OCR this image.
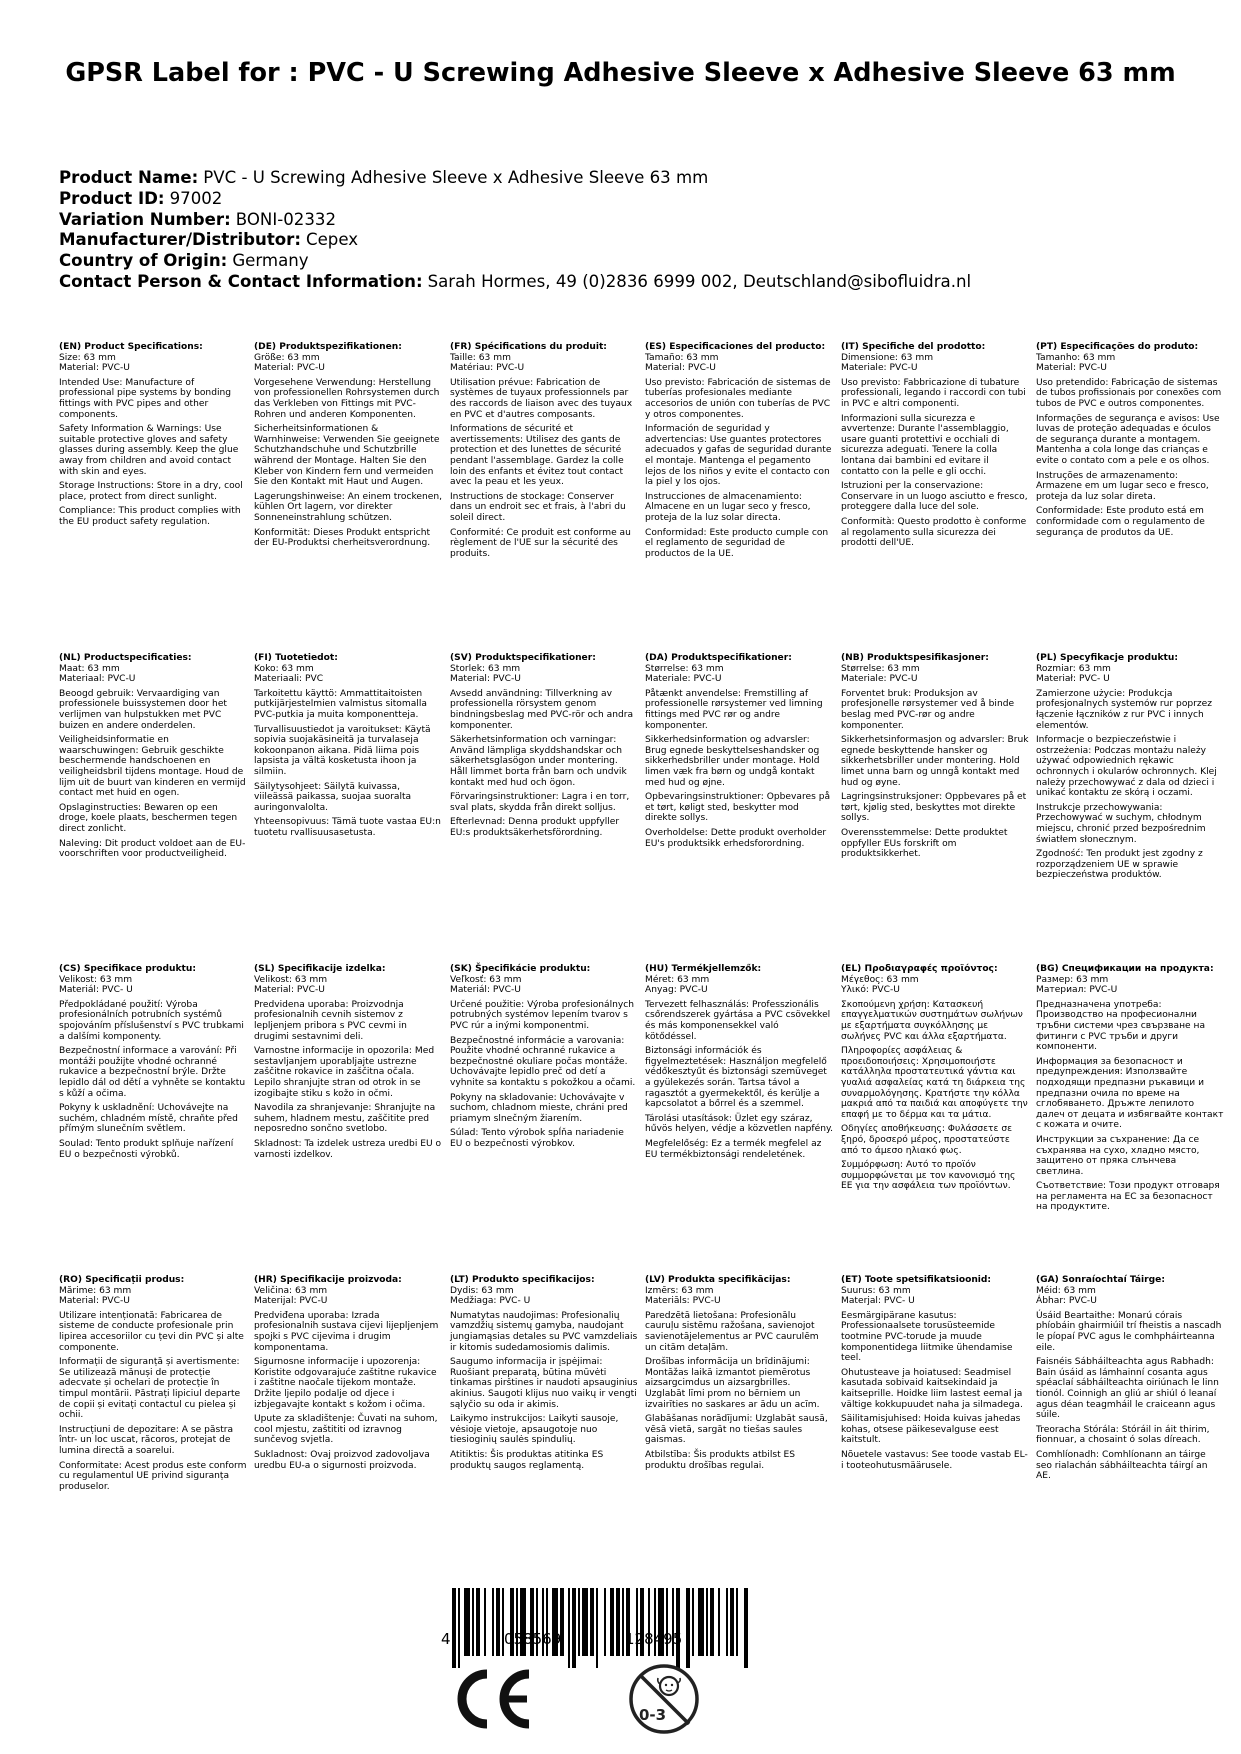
GPSR Label for : PVC - U Screwing Adhesive Sleeve x Adhesive Sleeve 63 mm
Product Name: PVC - U Screwing Adhesive Sleeve x Adhesive Sleeve 63 mm
Product ID: 97002
Variation Number: BONI-02332
Manufacturer/Distributor: Cepex
Country of Origin: Germany
Contact Person & Contact Information: Sarah Hormes, 49 (0)2836 6999 002, Deutschland@sibofluidra.nl
(EN) Product Specifications:
Size: 63 mm
Material: PVC-U
Intended Use: Manufacture of professional pipe systems by bonding fittings with PVC pipes and other components.
Safety Information & Warnings: Use suitable protective gloves and safety glasses during assembly. Keep the glue away from children and avoid contact with skin and eyes.
Storage Instructions: Store in a dry, cool place, protect from direct sunlight.
Compliance: This product complies with the EU product safety regulation.
(DE) Produktspezifikationen:
Größe: 63 mm
Material: PVC-U
Vorgesehene Verwendung: Herstellung von professionellen Rohrsystemen durch das Verkleben von Fittings mit PVC-Rohren und anderen Komponenten.
Sicherheitsinformationen & Warnhinweise: Verwenden Sie geeignete Schutzhandschuhe und Schutzbrille während der Montage. Halten Sie den Kleber von Kindern fern und vermeiden Sie den Kontakt mit Haut und Augen.
Lagerungshinweise: An einem trockenen, kühlen Ort lagern, vor direkter Sonneneinstrahlung schützen.
Konformität: Dieses Produkt entspricht der EU-Produktsi cherheitsverordnung.
(FR) Spécifications du produit:
Taille: 63 mm
Matériau: PVC-U
Utilisation prévue: Fabrication de systèmes de tuyaux professionnels par des raccords de liaison avec des tuyaux en PVC et d'autres composants.
Informations de sécurité et avertissements: Utilisez des gants de protection et des lunettes de sécurité pendant l'assemblage. Gardez la colle loin des enfants et évitez tout contact avec la peau et les yeux.
Instructions de stockage: Conserver dans un endroit sec et frais, à l'abri du soleil direct.
Conformité: Ce produit est conforme au règlement de l'UE sur la sécurité des produits.
(ES) Especificaciones del producto:
Tamaño: 63 mm
Material: PVC-U
Uso previsto: Fabricación de sistemas de tuberías profesionales mediante accesorios de unión con tuberías de PVC y otros componentes.
Información de seguridad y advertencias: Use guantes protectores adecuados y gafas de seguridad durante el montaje. Mantenga el pegamento lejos de los niños y evite el contacto con la piel y los ojos.
Instrucciones de almacenamiento: Almacene en un lugar seco y fresco, proteja de la luz solar directa.
Conformidad: Este producto cumple con el reglamento de seguridad de productos de la UE.
(IT) Specifiche del prodotto:
Dimensione: 63 mm
Materiale: PVC-U
Uso previsto: Fabbricazione di tubature professionali, legando i raccordi con tubi in PVC e altri componenti.
Informazioni sulla sicurezza e avvertenze: Durante l'assemblaggio, usare guanti protettivi e occhiali di sicurezza adeguati. Tenere la colla lontana dai bambini ed evitare il contatto con la pelle e gli occhi.
Istruzioni per la conservazione: Conservare in un luogo asciutto e fresco, proteggere dalla luce del sole.
Conformità: Questo prodotto è conforme al regolamento sulla sicurezza dei prodotti dell'UE.
(PT) Especificações do produto:
Tamanho: 63 mm
Material: PVC-U
Uso pretendido: Fabricação de sistemas de tubos profissionais por conexões com tubos de PVC e outros componentes.
Informações de segurança e avisos: Use luvas de proteção adequadas e óculos de segurança durante a montagem. Mantenha a cola longe das crianças e evite o contato com a pele e os olhos.
Instruções de armazenamento: Armazene em um lugar seco e fresco, proteja da luz solar direta.
Conformidade: Este produto está em conformidade com o regulamento de segurança de produtos da UE.
(NL) Productspecificaties:
Maat: 63 mm
Materiaal: PVC-U
Beoogd gebruik: Vervaardiging van professionele buissystemen door het verlijmen van hulpstukken met PVC buizen en andere onderdelen.
Veiligheidsinformatie en waarschuwingen: Gebruik geschikte beschermende handschoenen en veiligheidsbril tijdens montage. Houd de lijm uit de buurt van kinderen en vermijd contact met huid en ogen.
Opslaginstructies: Bewaren op een droge, koele plaats, beschermen tegen direct zonlicht.
Naleving: Dit product voldoet aan de EU-voorschriften voor productveiligheid.
(FI) Tuotetiedot:
Koko: 63 mm
Materiaali: PVC
Tarkoitettu käyttö: Ammattitaitoisten putkijärjestelmien valmistus sitomalla PVC-putkia ja muita komponentteja.
Turvallisuustiedot ja varoitukset: Käytä sopivia suojakäsineitä ja turvalaseja kokoonpanon aikana. Pidä liima pois lapsista ja vältä kosketusta ihoon ja silmiin.
Säilytysohjeet: Säilytä kuivassa, viileässä paikassa, suojaa suoralta auringonvalolta.
Yhteensopivuus: Tämä tuote vastaa EU:n tuotetu rvallisuusasetusta.
(SV) Produktspecifikationer:
Storlek: 63 mm
Material: PVC-U
Avsedd användning: Tillverkning av professionella rörsystem genom bindningsbeslag med PVC-rör och andra komponenter.
Säkerhetsinformation och varningar: Använd lämpliga skyddshandskar och säkerhetsglasögon under montering. Håll limmet borta från barn och undvik kontakt med hud och ögon.
Förvaringsinstruktioner: Lagra i en torr, sval plats, skydda från direkt solljus.
Efterlevnad: Denna produkt uppfyller EU:s produktsäkerhetsförordning.
(DA) Produktspecifikationer:
Størrelse: 63 mm
Materiale: PVC-U
Påtænkt anvendelse: Fremstilling af professionelle rørsystemer ved limning fittings med PVC rør og andre komponenter.
Sikkerhedsinformation og advarsler: Brug egnede beskyttelseshandsker og sikkerhedsbriller under montage. Hold limen væk fra børn og undgå kontakt med hud og øjne.
Opbevaringsinstruktioner: Opbevares på et tørt, køligt sted, beskytter mod direkte sollys.
Overholdelse: Dette produkt overholder EU's produktsikk erhedsforordning.
(NB) Produktspesifikasjoner:
Størrelse: 63 mm
Materiale: PVC-U
Forventet bruk: Produksjon av profesjonelle rørsystemer ved å binde beslag med PVC-rør og andre komponenter.
Sikkerhetsinformasjon og advarsler: Bruk egnede beskyttende hansker og sikkerhetsbriller under montering. Hold limet unna barn og unngå kontakt med hud og øyne.
Lagringsinstruksjoner: Oppbevares på et tørt, kjølig sted, beskyttes mot direkte sollys.
Overensstemmelse: Dette produktet oppfyller EUs forskrift om produktsikkerhet.
(PL) Specyfikacje produktu:
Rozmiar: 63 mm
Materiał: PVC- U
Zamierzone użycie: Produkcja profesjonalnych systemów rur poprzez łączenie łączników z rur PVC i innych elementów.
Informacje o bezpieczeństwie i ostrzeżenia: Podczas montażu należy używać odpowiednich rękawic ochronnych i okularów ochronnych. Klej należy przechowywać z dala od dzieci i unikać kontaktu ze skórą i oczami.
Instrukcje przechowywania: Przechowywać w suchym, chłodnym miejscu, chronić przed bezpośrednim światłem słonecznym.
Zgodność: Ten produkt jest zgodny z rozporządzeniem UE w sprawie bezpieczeństwa produktów.
(CS) Specifikace produktu:
Velikost: 63 mm
Materiál: PVC- U
Předpokládané použití: Výroba profesionálních potrubních systémů spojováním příslušenství s PVC trubkami a dalšími komponenty.
Bezpečnostní informace a varování: Při montáži použijte vhodné ochranné rukavice a bezpečnostní brýle. Držte lepidlo dál od dětí a vyhněte se kontaktu s kůží a očima.
Pokyny k uskladnění: Uchovávejte na suchém, chladném místě, chraňte před přímým slunečním světlem.
Soulad: Tento produkt splňuje nařízení EU o bezpečnosti výrobků.
(SL) Specifikacije izdelka:
Velikost: 63 mm
Material: PVC-U
Predvidena uporaba: Proizvodnja profesionalnih cevnih sistemov z lepljenjem pribora s PVC cevmi in drugimi sestavnimi deli.
Varnostne informacije in opozorila: Med sestavljanjem uporabljajte ustrezne zaščitne rokavice in zaščitna očala. Lepilo shranjujte stran od otrok in se izogibajte stiku s kožo in očmi.
Navodila za shranjevanje: Shranjujte na suhem, hladnem mestu, zaščitite pred neposredno sončno svetlobo.
Skladnost: Ta izdelek ustreza uredbi EU o varnosti izdelkov.
(SK) Špecifikácie produktu:
Veľkosť: 63 mm
Materiál: PVC-U
Určené použitie: Výroba profesionálnych potrubných systémov lepením tvarov s PVC rúr a inými komponentmi.
Bezpečnostné informácie a varovania: Použite vhodné ochranné rukavice a bezpečnostné okuliare počas montáže. Uchovávajte lepidlo preč od detí a vyhnite sa kontaktu s pokožkou a očami.
Pokyny na skladovanie: Uchovávajte v suchom, chladnom mieste, chráni pred priamym slnečným žiarením.
Súlad: Tento výrobok spĺňa nariadenie EU o bezpečnosti výrobkov.
(HU) Termékjellemzők:
Méret: 63 mm
Anyag: PVC-U
Tervezett felhasználás: Professzionális csőrendszerek gyártása a PVC csövekkel és más komponensekkel való kötődéssel.
Biztonsági információk és figyelmeztetések: Használjon megfelelő védőkesztyűt és biztonsági szemüveget a gyülekezés során. Tartsa távol a ragasztót a gyermekektől, és kerülje a kapcsolatot a bőrrel és a szemmel.
Tárolási utasítások: Üzlet egy száraz, hűvös helyen, védje a közvetlen napfény.
Megfelelőség: Ez a termék megfelel az EU termékbiztonsági rendeletének.
(EL) Προδιαγραφές προϊόντος:
Μέγεθος: 63 mm
Υλικό: PVC-U
Σκοπούμενη χρήση: Κατασκευή επαγγελματικών συστημάτων σωλήνων με εξαρτήματα συγκόλλησης με σωλήνες PVC και άλλα εξαρτήματα.
Πληροφορίες ασφάλειας & προειδοποιήσεις: Χρησιμοποιήστε κατάλληλα προστατευτικά γάντια και γυαλιά ασφαλείας κατά τη διάρκεια της συναρμολόγησης. Κρατήστε την κόλλα μακριά από τα παιδιά και αποφύγετε την επαφή με το δέρμα και τα μάτια.
Οδηγίες αποθήκευσης: Φυλάσσετε σε ξηρό, δροσερό μέρος, προστατεύστε από το άμεσο ηλιακό φως.
Συμμόρφωση: Αυτό το προϊόν συμμορφώνεται με τον κανονισμό της ΕΕ για την ασφάλεια των προϊόντων.
(BG) Спецификации на продукта:
Размер: 63 mm
Материал: PVC-U
Предназначена употреба: Производство на професионални тръбни системи чрез свързване на фитинги с PVC тръби и други компоненти.
Информация за безопасност и предупреждения: Използвайте подходящи предпазни ръкавици и предпазни очила по време на сглобяването. Дръжте лепилото далеч от децата и избягвайте контакт с кожата и очите.
Инструкции за съхранение: Да се съхранява на сухо, хладно място, защитено от пряка слънчева светлина.
Съответствие: Този продукт отговаря на регламента на ЕС за безопасност на продуктите.
(RO) Specificații produs:
Mărime: 63 mm
Material: PVC-U
Utilizare intenționată: Fabricarea de sisteme de conducte profesionale prin lipirea accesoriilor cu țevi din PVC și alte componente.
Informații de siguranță și avertismente: Se utilizează mănuși de protecție adecvate și ochelari de protecție în timpul montării. Păstrați lipiciul departe de copii și evitați contactul cu pielea și ochii.
Instrucțiuni de depozitare: A se păstra într- un loc uscat, răcoros, protejat de lumina directă a soarelui.
Conformitate: Acest produs este conform cu regulamentul UE privind siguranța produselor.
(HR) Specifikacije proizvoda:
Veličina: 63 mm
Materijal: PVC-U
Predviđena uporaba: Izrada profesionalnih sustava cijevi lijepljenjem spojki s PVC cijevima i drugim komponentama.
Sigurnosne informacije i upozorenja: Koristite odgovarajuće zaštitne rukavice i zaštitne naočale tijekom montaže. Držite ljepilo podalje od djece i izbjegavajte kontakt s kožom i očima.
Upute za skladištenje: Čuvati na suhom, cool mjestu, zaštititi od izravnog sunčevog svjetla.
Sukladnost: Ovaj proizvod zadovoljava uredbu EU-a o sigurnosti proizvoda.
(LT) Produkto specifikacijos:
Dydis: 63 mm
Medžiaga: PVC- U
Numatytas naudojimas: Profesionalių vamzdžių sistemų gamyba, naudojant jungiamąsias detales su PVC vamzdeliais ir kitomis sudedamosiomis dalimis.
Saugumo informacija ir įspėjimai: Ruošiant preparatą, būtina mūvėti tinkamas pirštines ir naudoti apsauginius akinius. Saugoti klijus nuo vaikų ir vengti sąlyčio su oda ir akimis.
Laikymo instrukcijos: Laikyti sausoje, vėsioje vietoje, apsaugotoje nuo tiesioginių saulės spindulių.
Atitiktis: Šis produktas atitinka ES produktų saugos reglamentą.
(LV) Produkta specifikācijas:
Izmērs: 63 mm
Materiāls: PVC-U
Paredzētā lietošana: Profesionālu cauruļu sistēmu ražošana, savienojot savienotājelementus ar PVC caurulēm un citām detaļām.
Drošības informācija un brīdinājumi: Montāžas laikā izmantot piemērotus aizsargcimdus un aizsargbrilles. Uzglabāt līmi prom no bērniem un izvairīties no saskares ar ādu un acīm.
Glabāšanas norādījumi: Uzglabāt sausā, vēsā vietā, sargāt no tiešas saules gaismas.
Atbilstība: Šis produkts atbilst ES produktu drošības regulai.
(ET) Toote spetsifikatsioonid:
Suurus: 63 mm
Materjal: PVC- U
Eesmärgipärane kasutus: Professionaalsete torusüsteemide tootmine PVC-torude ja muude komponentidega liitmike ühendamise teel.
Ohutusteave ja hoiatused: Seadmisel kasutada sobivaid kaitsekindaid ja kaitseprille. Hoidke liim lastest eemal ja vältige kokkupuudet naha ja silmadega.
Säilitamisjuhised: Hoida kuivas jahedas kohas, otsese päikesevalguse eest kaitstult.
Nõuetele vastavus: See toode vastab EL-i tooteohutusmäärusele.
(GA) Sonraíochtaí Táirge:
Méid: 63 mm
Ábhar: PVC-U
Úsáid Beartaithe: Monarú córais phíobáin ghairmiúil trí fheistis a nascadh le píopaí PVC agus le comhpháirteanna eile.
Faisnéis Sábháilteachta agus Rabhadh: Bain úsáid as lámhainní cosanta agus spéaclaí sábháilteachta oiriúnach le linn tionól. Coinnigh an gliú ar shiúl ó leanaí agus déan teagmháil le craiceann agus súile.
Treoracha Stórála: Stóráil in áit thirim, fionnuar, a chosaint ó solas díreach.
Comhlíonadh: Comhlíonann an táirge seo rialachán sábháilteachta táirgí an AE.
4	058569	128495
0-3
